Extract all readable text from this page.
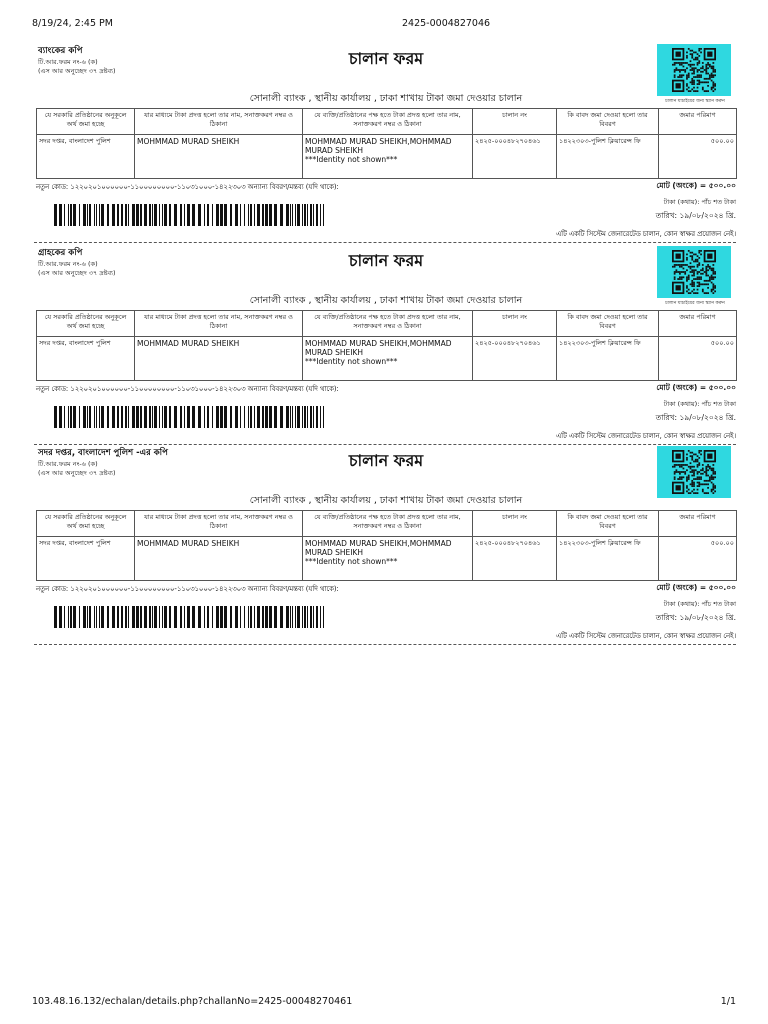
8/19/24, 2:45 PM	2425-0004827046
ব্যাংকের কপি
টি.আর.ফরম নং-৬ (ক)
(এস আর অনুচ্ছেদ ৩৭ দ্রষ্টব্য)
চালান ফরম
চালান যাচাইয়ের জন্য স্ক্যান করুন
সোনালী ব্যাংক , স্থানীয় কার্যালয় , ঢাকা শাখায় টাকা জমা দেওয়ার চালান
যে সরকারি প্রতিষ্ঠানের অনুকূলে অর্থ জমা হচ্ছে	যার মাধ্যমে টাকা প্রদত্ত হলো তার নাম, সনাক্তকরণ নম্বর ও ঠিকানা	যে ব্যক্তি/প্রতিষ্ঠানের পক্ষ হতে টাকা প্রদত্ত হলো তার নাম, সনাক্তকরণ নম্বর ও ঠিকানা	চালান নং	কি বাবদ জমা দেওয়া হলো তার বিবরণ	জমার পরিমাণ
সদর দপ্তর, বাংলাদেশ পুলিশ	MOHMMAD MURAD SHEIKH	MOHMMAD MURAD SHEIKH,MOHMMAD MURAD SHEIKH
***Identity not shown***	২৪২৫-০০০৪৮২৭০৪৬১	১৪২২৩০৩-পুলিশ ক্লিয়ারেন্স ফি	৫০০.০০
নতুন কোড: ১২২০২০১০০০০০০-১১০০০০০০০০-১১০৩১০০০-১৪২২৩০৩ অন্যান্য বিবরণ/মন্তব্য (যদি থাকে):	মোট (অংকে) = ৫০০.০০
টাকা (কথায়): পাঁচ শত টাকা
তারিখ: ১৯/০৮/২০২৪ খ্রি.
এটি একটি সিস্টেম জেনারেটেড চালান, কোন স্বাক্ষর প্রয়োজন নেই।
গ্রাহকের কপি
টি.আর.ফরম নং-৬ (ক)
(এস আর অনুচ্ছেদ ৩৭ দ্রষ্টব্য)
চালান ফরম
চালান যাচাইয়ের জন্য স্ক্যান করুন
সোনালী ব্যাংক , স্থানীয় কার্যালয় , ঢাকা শাখায় টাকা জমা দেওয়ার চালান
যে সরকারি প্রতিষ্ঠানের অনুকূলে অর্থ জমা হচ্ছে	যার মাধ্যমে টাকা প্রদত্ত হলো তার নাম, সনাক্তকরণ নম্বর ও ঠিকানা	যে ব্যক্তি/প্রতিষ্ঠানের পক্ষ হতে টাকা প্রদত্ত হলো তার নাম, সনাক্তকরণ নম্বর ও ঠিকানা	চালান নং	কি বাবদ জমা দেওয়া হলো তার বিবরণ	জমার পরিমাণ
সদর দপ্তর, বাংলাদেশ পুলিশ	MOHMMAD MURAD SHEIKH	MOHMMAD MURAD SHEIKH,MOHMMAD MURAD SHEIKH
***Identity not shown***	২৪২৫-০০০৪৮২৭০৪৬১	১৪২২৩০৩-পুলিশ ক্লিয়ারেন্স ফি	৫০০.০০
নতুন কোড: ১২২০২০১০০০০০০-১১০০০০০০০০-১১০৩১০০০-১৪২২৩০৩ অন্যান্য বিবরণ/মন্তব্য (যদি থাকে):	মোট (অংকে) = ৫০০.০০
টাকা (কথায়): পাঁচ শত টাকা
তারিখ: ১৯/০৮/২০২৪ খ্রি.
এটি একটি সিস্টেম জেনারেটেড চালান, কোন স্বাক্ষর প্রয়োজন নেই।
সদর দপ্তর, বাংলাদেশ পুলিশ -এর কপি
টি.আর.ফরম নং-৬ (ক)
(এস আর অনুচ্ছেদ ৩৭ দ্রষ্টব্য)
চালান ফরম
সোনালী ব্যাংক , স্থানীয় কার্যালয় , ঢাকা শাখায় টাকা জমা দেওয়ার চালান
যে সরকারি প্রতিষ্ঠানের অনুকূলে অর্থ জমা হচ্ছে	যার মাধ্যমে টাকা প্রদত্ত হলো তার নাম, সনাক্তকরণ নম্বর ও ঠিকানা	যে ব্যক্তি/প্রতিষ্ঠানের পক্ষ হতে টাকা প্রদত্ত হলো তার নাম, সনাক্তকরণ নম্বর ও ঠিকানা	চালান নং	কি বাবদ জমা দেওয়া হলো তার বিবরণ	জমার পরিমাণ
সদর দপ্তর, বাংলাদেশ পুলিশ	MOHMMAD MURAD SHEIKH	MOHMMAD MURAD SHEIKH,MOHMMAD MURAD SHEIKH
***Identity not shown***	২৪২৫-০০০৪৮২৭০৪৬১	১৪২২৩০৩-পুলিশ ক্লিয়ারেন্স ফি	৫০০.০০
নতুন কোড: ১২২০২০১০০০০০০-১১০০০০০০০০-১১০৩১০০০-১৪২২৩০৩ অন্যান্য বিবরণ/মন্তব্য (যদি থাকে):	মোট (অংকে) = ৫০০.০০
টাকা (কথায়): পাঁচ শত টাকা
তারিখ: ১৯/০৮/২০২৪ খ্রি.
এটি একটি সিস্টেম জেনারেটেড চালান, কোন স্বাক্ষর প্রয়োজন নেই।
103.48.16.132/echalan/details.php?challanNo=2425-00048270461	1/1
